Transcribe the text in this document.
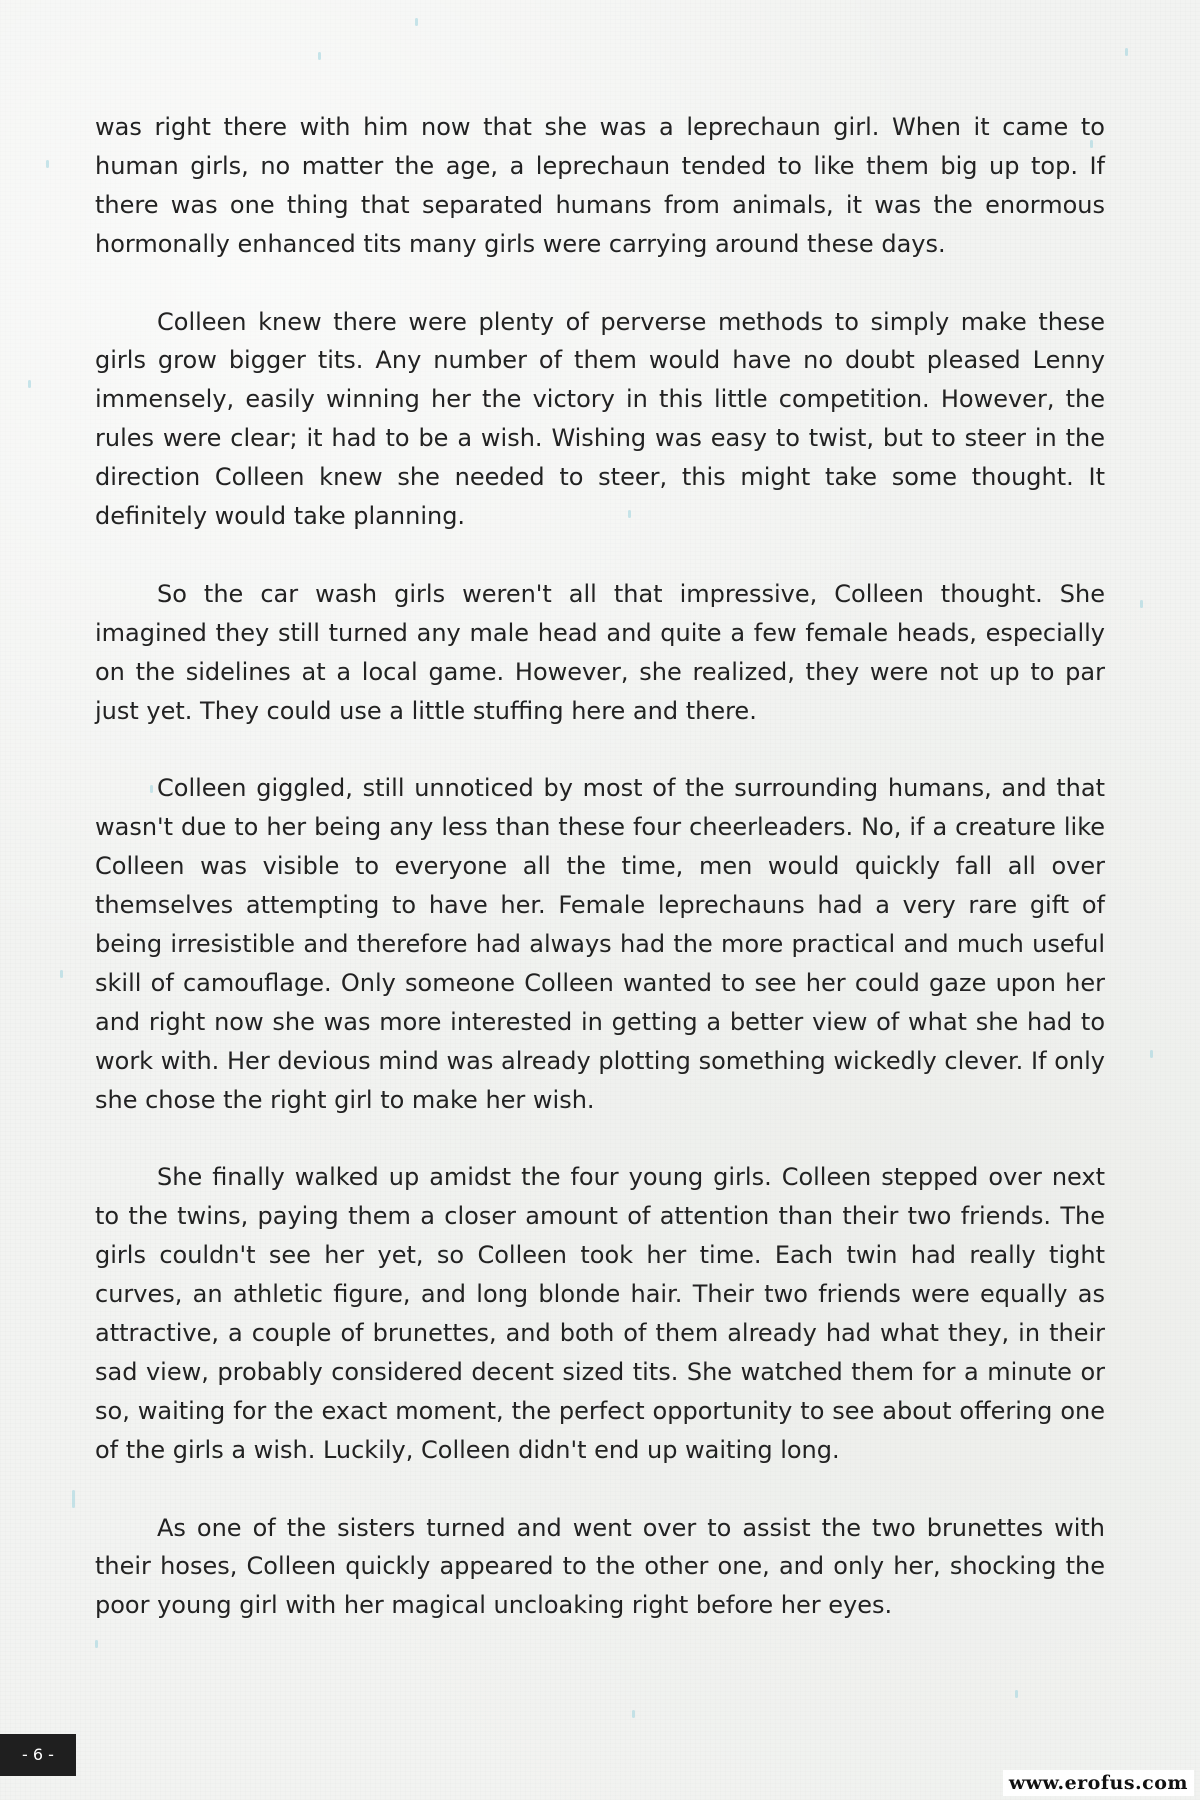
was right there with him now that she was a leprechaun girl. When it came to human girls, no matter the age, a leprechaun tended to like them big up top. If there was one thing that separated humans from animals, it was the enormous hormonally enhanced tits many girls were carrying around these days.

Colleen knew there were plenty of perverse methods to simply make these girls grow bigger tits. Any number of them would have no doubt pleased Lenny immensely, easily winning her the victory in this little competition. However, the rules were clear; it had to be a wish. Wishing was easy to twist, but to steer in the direction Colleen knew she needed to steer, this might take some thought. It definitely would take planning.

So the car wash girls weren't all that impressive, Colleen thought. She imagined they still turned any male head and quite a few female heads, especially on the sidelines at a local game. However, she realized, they were not up to par just yet. They could use a little stuffing here and there.

Colleen giggled, still unnoticed by most of the surrounding humans, and that wasn't due to her being any less than these four cheerleaders. No, if a creature like Colleen was visible to everyone all the time, men would quickly fall all over themselves attempting to have her. Female leprechauns had a very rare gift of being irresistible and therefore had always had the more practical and much useful skill of camouflage. Only someone Colleen wanted to see her could gaze upon her and right now she was more interested in getting a better view of what she had to work with. Her devious mind was already plotting something wickedly clever. If only she chose the right girl to make her wish.

She finally walked up amidst the four young girls. Colleen stepped over next to the twins, paying them a closer amount of attention than their two friends. The girls couldn't see her yet, so Colleen took her time. Each twin had really tight curves, an athletic figure, and long blonde hair. Their two friends were equally as attractive, a couple of brunettes, and both of them already had what they, in their sad view, probably considered decent sized tits. She watched them for a minute or so, waiting for the exact moment, the perfect opportunity to see about offering one of the girls a wish. Luckily, Colleen didn't end up waiting long.

As one of the sisters turned and went over to assist the two brunettes with their hoses, Colleen quickly appeared to the other one, and only her, shocking the poor young girl with her magical uncloaking right before her eyes.

- 6 -
www.erofus.com
